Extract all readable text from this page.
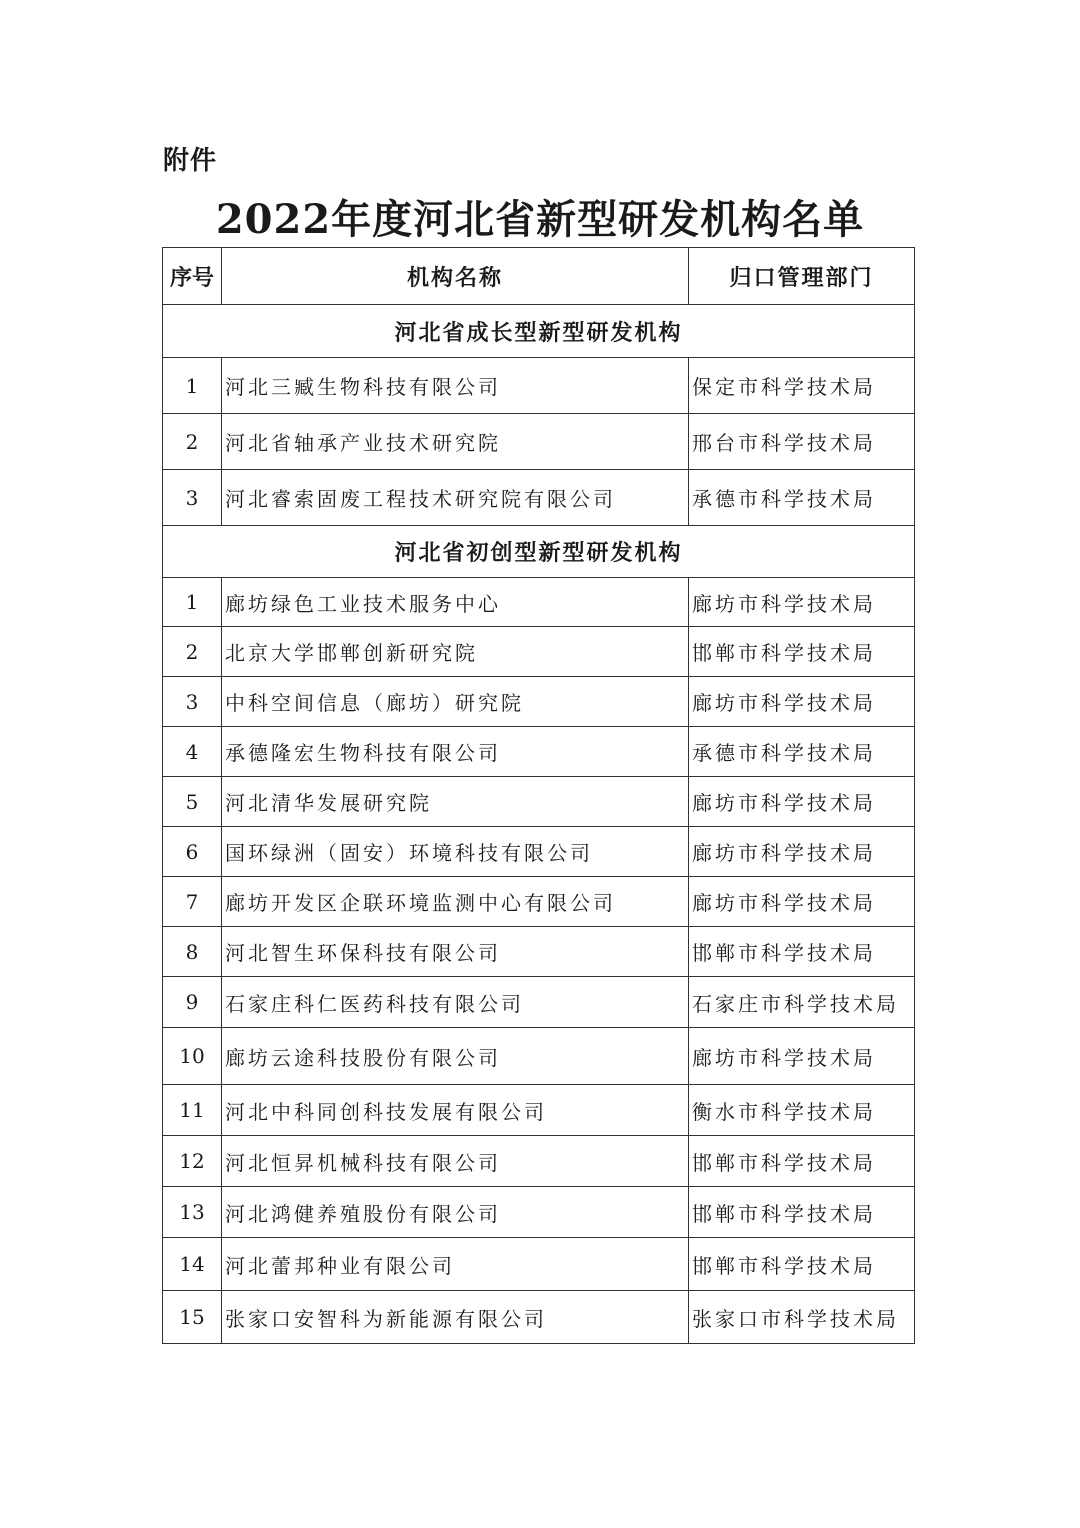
附件
2022年度河北省新型研发机构名单
序号	机构名称	归口管理部门
河北省成长型新型研发机构		
1	河北三臧生物科技有限公司	保定市科学技术局
2	河北省轴承产业技术研究院	邢台市科学技术局
3	河北睿索固废工程技术研究院有限公司	承德市科学技术局
河北省初创型新型研发机构		
1	廊坊绿色工业技术服务中心	廊坊市科学技术局
2	北京大学邯郸创新研究院	邯郸市科学技术局
3	中科空间信息（廊坊）研究院	廊坊市科学技术局
4	承德隆宏生物科技有限公司	承德市科学技术局
5	河北清华发展研究院	廊坊市科学技术局
6	国环绿洲（固安）环境科技有限公司	廊坊市科学技术局
7	廊坊开发区企联环境监测中心有限公司	廊坊市科学技术局
8	河北智生环保科技有限公司	邯郸市科学技术局
9	石家庄科仁医药科技有限公司	石家庄市科学技术局
10	廊坊云途科技股份有限公司	廊坊市科学技术局
11	河北中科同创科技发展有限公司	衡水市科学技术局
12	河北恒昇机械科技有限公司	邯郸市科学技术局
13	河北鸿健养殖股份有限公司	邯郸市科学技术局
14	河北蕾邦种业有限公司	邯郸市科学技术局
15	张家口安智科为新能源有限公司	张家口市科学技术局
